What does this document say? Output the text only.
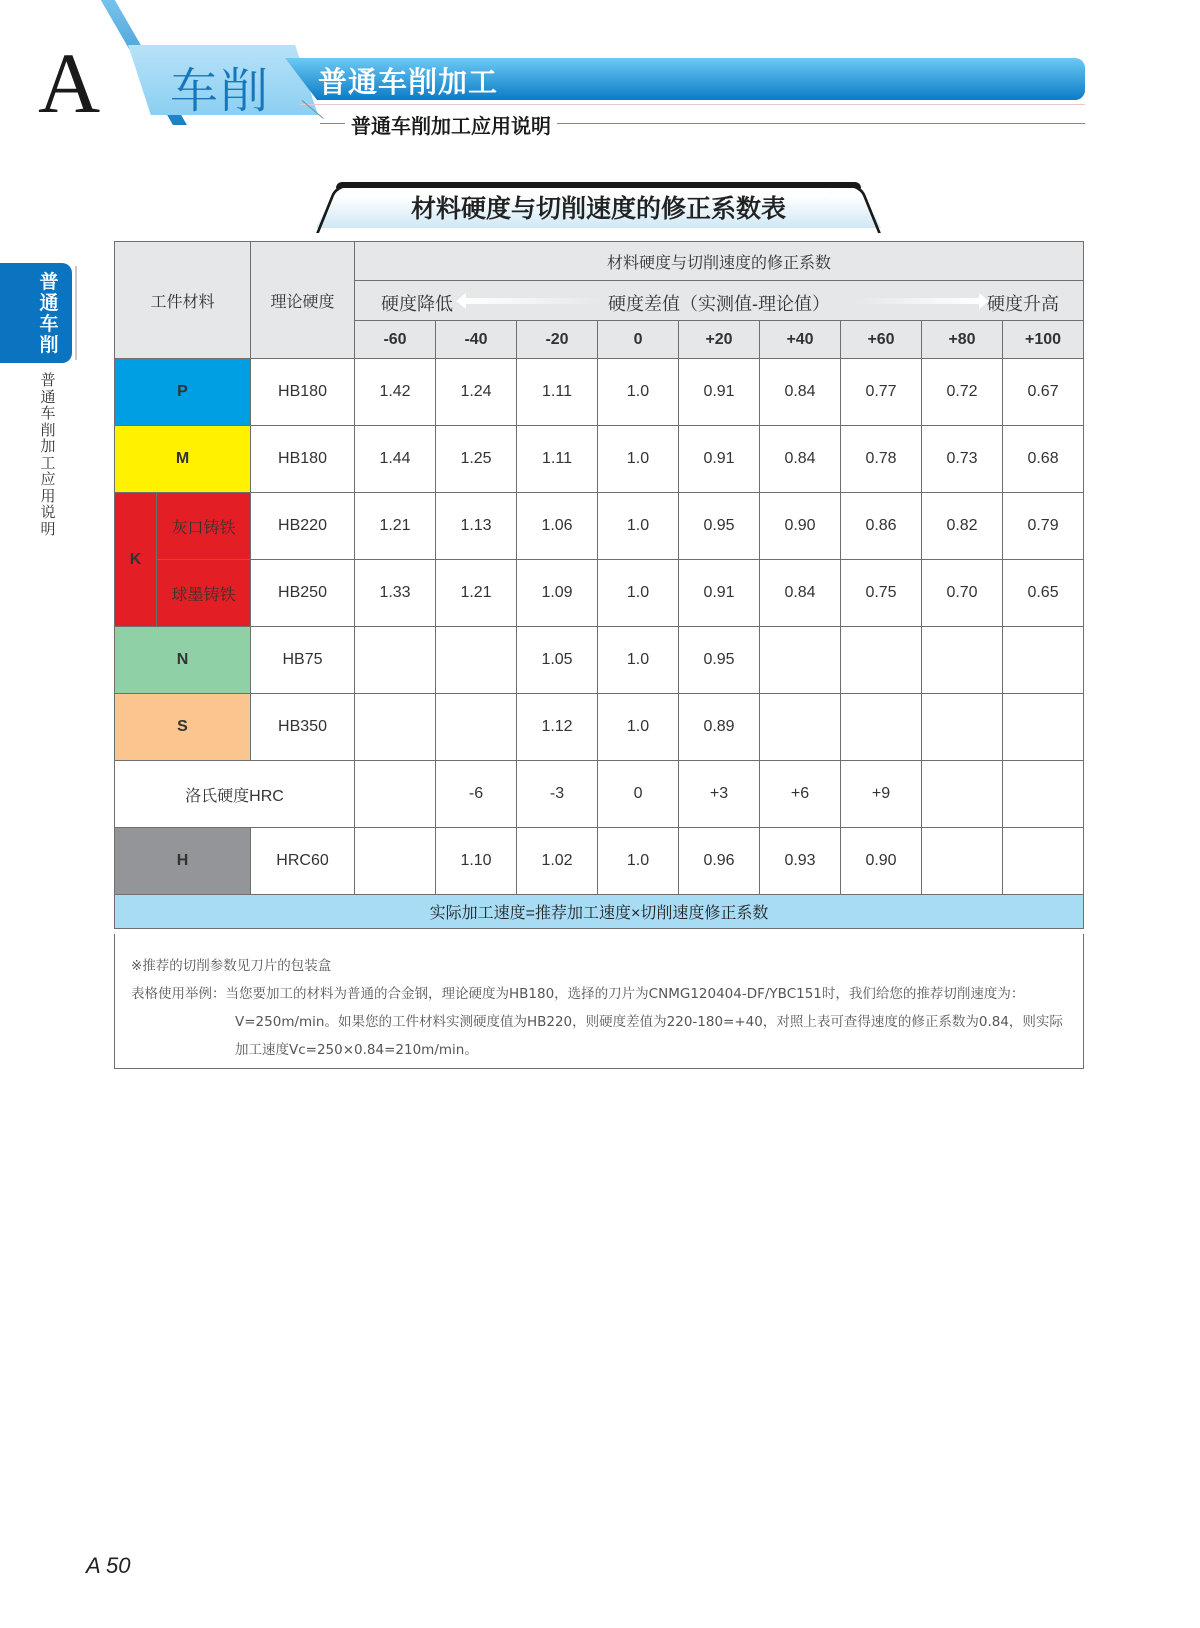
A 车削 普通车削加工
普通车削加工应用说明
普通车削
普通车削加工应用说明
材料硬度与切削速度的修正系数表
工件材料		理论硬度	材料硬度与切削速度的修正系数								

			硬度降低 硬度差值（实测值-理论值） 硬度升高								

			-60	-40	-20	0	+20	+40	+60	+80	+100
P		HB180	1.42	1.24	1.11	1.0	0.91	0.84	0.77	0.72	0.67
M		HB180	1.44	1.25	1.11	1.0	0.91	0.84	0.78	0.73	0.68
K	灰口铸铁	HB220	1.21	1.13	1.06	1.0	0.95	0.90	0.86	0.82	0.79
	球墨铸铁	HB250	1.33	1.21	1.09	1.0	0.91	0.84	0.75	0.70	0.65
N		HB75			1.05	1.0	0.95				
S		HB350			1.12	1.0	0.89				
洛氏硬度HRC				-6	-3	0	+3	+6	+9		
H		HRC60		1.10	1.02	1.0	0.96	0.93	0.90		
实际加工速度=推荐加工速度×切削速度修正系数											
※推荐的切削参数见刀片的包装盒
表格使用举例：当您要加工的材料为普通的合金钢，理论硬度为HB180，选择的刀片为CNMG120404-DF/YBC151时，我们给您的推荐切削速度为：
V=250m/min。如果您的工件材料实测硬度值为HB220，则硬度差值为220-180=+40，对照上表可查得速度的修正系数为0.84，则实际
加工速度Vc=250×0.84=210m/min。
A 50
